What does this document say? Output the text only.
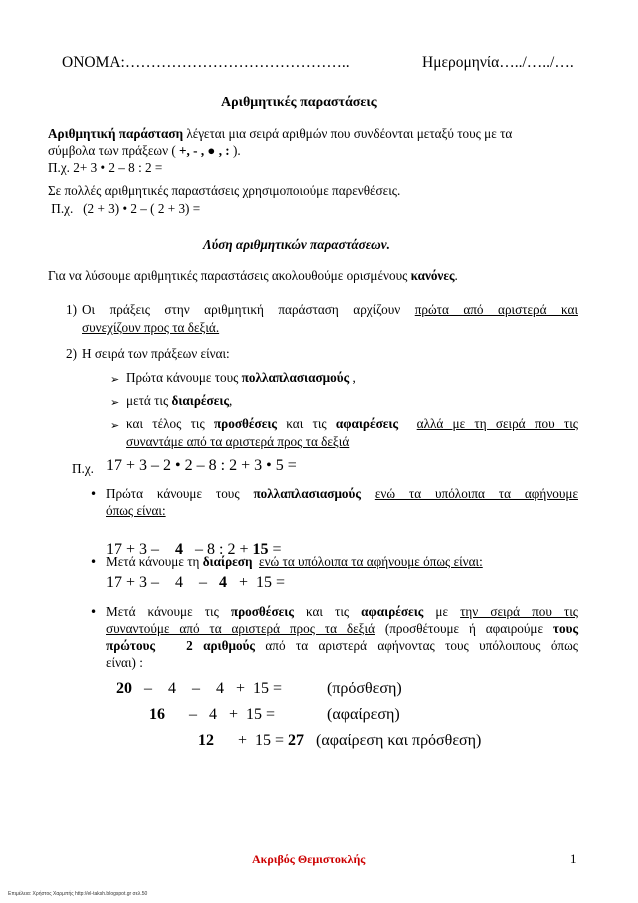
ΟΝΟΜΑ:……………………………………..	Ημερομηνία…../…../….
Αριθμητικές παραστάσεις
Αριθμητική παράσταση λέγεται μια σειρά αριθμών που συνδέονται μεταξύ τους με τα
σύμβολα των πράξεων ( +, - , ● , : ).
Π.χ. 2+ 3 • 2 – 8 : 2 =
Σε πολλές αριθμητικές παραστάσεις χρησιμοποιούμε παρενθέσεις.
Π.χ.   (2 + 3) • 2 – ( 2 + 3) =
Λύση αριθμητικών παραστάσεων.
Για να λύσουμε αριθμητικές παραστάσεις ακολουθούμε ορισμένους κανόνες.
1) Οι πράξεις στην αριθμητική παράσταση αρχίζουν πρώτα από αριστερά και
συνεχίζουν προς τα δεξιά.
2) Η σειρά των πράξεων είναι:
➢ Πρώτα κάνουμε τους πολλαπλασιασμούς ,
➢ μετά τις διαιρέσεις,
➢ και τέλος τις προσθέσεις και τις αφαιρέσεις αλλά με τη σειρά που τις
συναντάμε από τα αριστερά προς τα δεξιά
Π.χ. 17 + 3 – 2 • 2 – 8 : 2 + 3 • 5 =
• Πρώτα κάνουμε τους πολλαπλασιασμούς ενώ τα υπόλοιπα τα αφήνουμε
όπως είναι:

17 + 3 – 4 – 8 : 2 + 15 =
• Μετά κάνουμε τη διαίρεση ενώ τα υπόλοιπα τα αφήνουμε όπως είναι:
17 + 3 –    4    – 4 +  15 =
• Μετά κάνουμε τις προσθέσεις και τις αφαιρέσεις με την σειρά που τις
συναντούμε από τα αριστερά προς τα δεξιά (προσθέτουμε ή αφαιρούμε τους
πρώτους   2 αριθμούς από τα αριστερά αφήνοντας τους υπόλοιπους όπως
είναι) :
20 –    4    –    4   +  15 =	(πρόσθεση)
16 –   4   +  15 =	(αφαίρεση)
12 +  15 = 27 (αφαίρεση και πρόσθεση)
Ακριβός Θεμιστοκλής	1
Επιμέλεια: Χρήστος Χαρμπής http://el-taksh.blogspot.gr σελ.50
